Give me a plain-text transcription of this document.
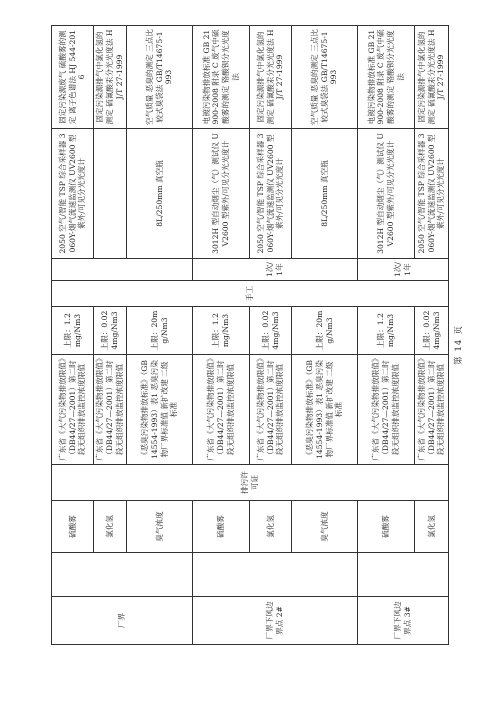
厂界		硫酸雾	排污许可证	广东省《大气污染物排放限值》（DB44/27—2001）第二时段无组织排放监控浓度限值	上限：1.2mg/Nm3	手工		2050 空气/智能 TSP 综合采样器 3060Y-烟气流速监测仪 UV2600 型紫外/可见分光光度计	固定污染源废气 硫酸雾的测定 离子色谱法 HJ 544-2016
		氯化氢		广东省《大气污染物排放限值》（DB44/27—2001）第二时段无组织排放监控浓度限值	上限：0.024mg/Nm3				固定污染源排气中氯化氢的测定 硫氰酸汞分光光度法 HJ/T 27-1999
		臭气浓度		《恶臭污染物排放标准》（GB 14554-1993）表1 恶臭污染物厂界标准值 新扩改建 二级标准	上限：20mg/Nm3			8L/250mm 真空瓶	空气质量 恶臭的测定 三点比较式臭袋法 GB/T14675-1993
厂界下风边界点 2#		硫酸雾		广东省《大气污染物排放限值》（DB44/27—2001）第二时段无组织排放监控浓度限值	上限：1.2mg/Nm3		1次/1年	3012H 型自动烟尘（气）测试仪 UV2600 型紫外/可见分光光度计	电镀污染物排放标准 GB 21900-2008 附录 C 废气中硫酸雾的测定 铬酸钡分光光度法
		氯化氢		广东省《大气污染物排放限值》（DB44/27—2001）第二时段无组织排放监控浓度限值	上限：0.024mg/Nm3			2050 空气/智能 TSP 综合采样器 3060Y-烟气流速监测仪 UV2600 型紫外/可见分光光度计	固定污染源排气中氯化氢的测定 硫氰酸汞分光光度法 HJ/T 27-1999
		臭气浓度		《恶臭污染物排放标准》（GB 14554-1993）表1 恶臭污染物厂界标准值 新扩改建 二级标准	上限：20mg/Nm3			8L/250mm 真空瓶	空气质量 恶臭的测定 三点比较式臭袋法 GB/T14675-1993
厂界下风边界点 3#		硫酸雾		广东省《大气污染物排放限值》（DB44/27—2001）第二时段无组织排放监控浓度限值	上限：1.2mg/Nm3		1次/1年	3012H 型自动烟尘（气）测试仪 UV2600 型紫外/可见分光光度计	电镀污染物排放标准 GB 21900-2008 附录 C 废气中硫酸雾的测定 铬酸钡分光光度法
		氯化氢		广东省《大气污染物排放限值》（DB44/27—2001）第二时段无组织排放监控浓度限值	上限：0.024mg/Nm3			2050 空气/智能 TSP 综合采样器 3060Y-烟气流速监测仪 UV2600 型紫外/可见分光光度计	固定污染源排气中氯化氢的测定 硫氰酸汞分光光度法 HJ/T 27-1999
第14页
